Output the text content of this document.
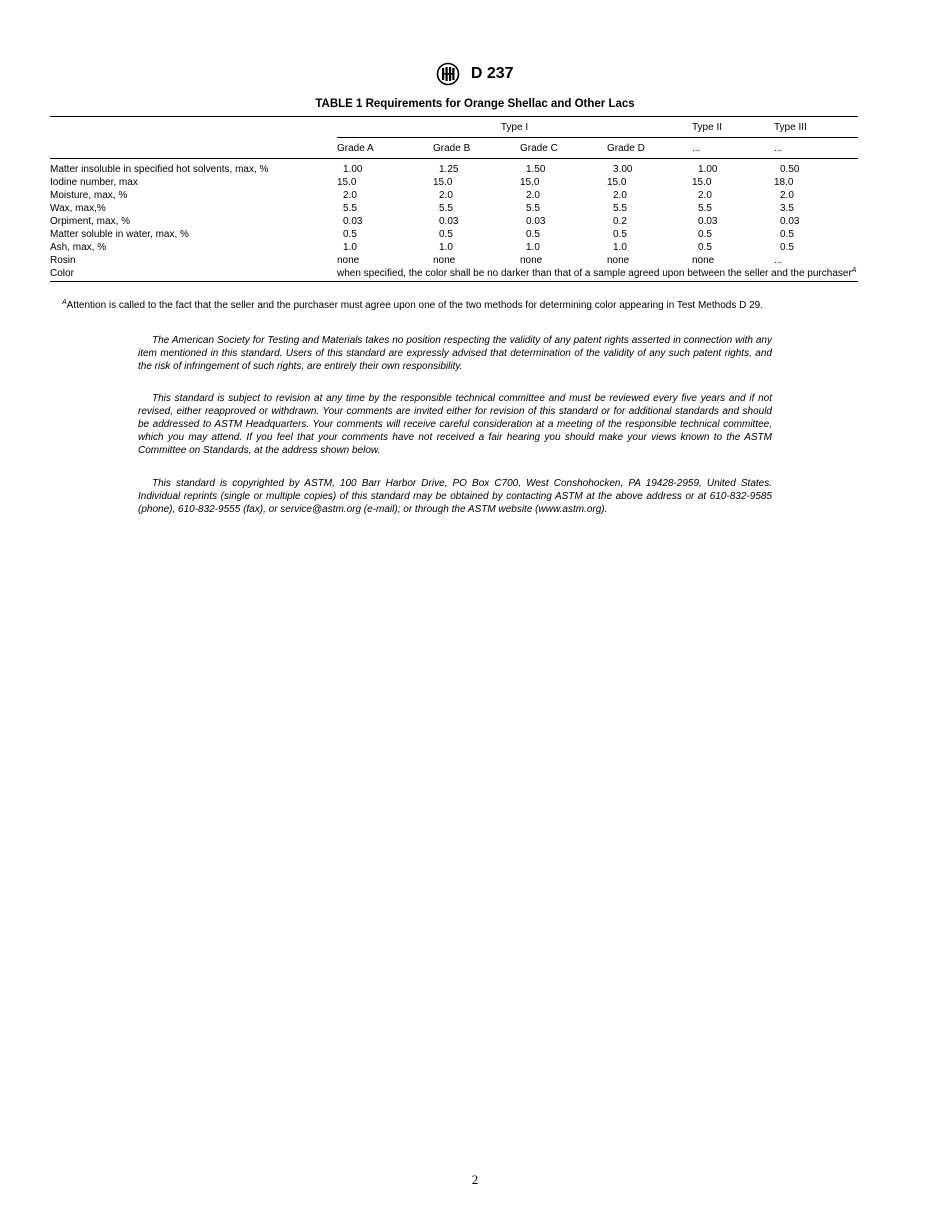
D 237
TABLE 1 Requirements for Orange Shellac and Other Lacs
	Type I				Type II	Type III
	Grade A	Grade B	Grade C	Grade D	...	...
Matter insoluble in specified hot solvents, max, %	1.00	1.25	1.50	3.00	1.00	0.50
Iodine number, max	15.0	15.0	15.0	15.0	15.0	18.0
Moisture, max, %	2.0	2.0	2.0	2.0	2.0	2.0
Wax, max,%	5.5	5.5	5.5	5.5	5.5	3.5
Orpiment, max, %	0.03	0.03	0.03	0.2	0.03	0.03
Matter soluble in water, max, %	0.5	0.5	0.5	0.5	0.5	0.5
Ash, max, %	1.0	1.0	1.0	1.0	0.5	0.5
Rosin	none	none	none	none	none	...
Color	when specified, the color shall be no darker than that of a sample agreed upon between the seller and the purchaser$^A$
$^A$Attention is called to the fact that the seller and the purchaser must agree upon one of the two methods for determining color appearing in Test Methods D 29.

The American Society for Testing and Materials takes no position respecting the validity of any patent rights asserted in connection with any item mentioned in this standard. Users of this standard are expressly advised that determination of the validity of any such patent rights, and the risk of infringement of such rights, are entirely their own responsibility.

This standard is subject to revision at any time by the responsible technical committee and must be reviewed every five years and if not revised, either reapproved or withdrawn. Your comments are invited either for revision of this standard or for additional standards and should be addressed to ASTM Headquarters. Your comments will receive careful consideration at a meeting of the responsible technical committee, which you may attend. If you feel that your comments have not received a fair hearing you should make your views known to the ASTM Committee on Standards, at the address shown below.

This standard is copyrighted by ASTM, 100 Barr Harbor Drive, PO Box C700, West Conshohocken, PA 19428-2959, United States. Individual reprints (single or multiple copies) of this standard may be obtained by contacting ASTM at the above address or at 610-832-9585 (phone), 610-832-9555 (fax), or service@astm.org (e-mail); or through the ASTM website (www.astm.org).

2
